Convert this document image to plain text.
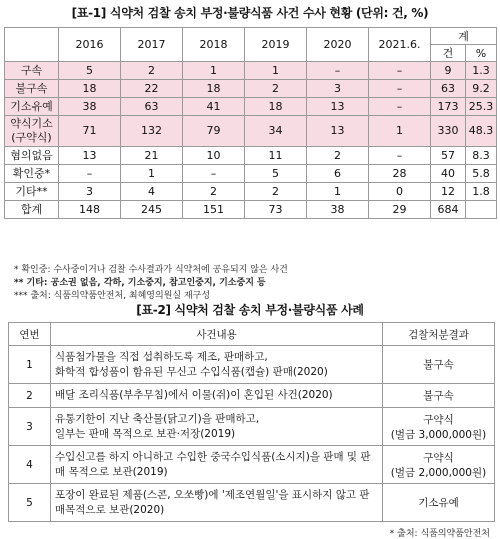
[표-1] 식약처 검찰 송치 부정·불량식품 사건 수사 현황 (단위: 건, %)
	2016	2017	2018	2019	2020	2021.6.	계	
							건	%
구속	5	2	1	1	–	–	9	1.3
불구속	18	22	18	2	3	–	63	9.2
기소유예	38	63	41	18	13	–	173	25.3
약식기소
(구약식)	71	132	79	34	13	1	330	48.3
혐의없음	13	21	10	11	2	–	57	8.3
확인중*	–	1	–	5	6	28	40	5.8
기타**	3	4	2	2	1	0	12	1.8
합계	148	245	151	73	38	29	684	
* 확인중: 수사중이거나 검찰 수사결과가 식약처에 공유되지 않은 사건
** 기타: 공소권 없음, 각하, 기소중지, 참고인중지, 기소중지 등
*** 출처: 식품의약품안전처, 최혜영의원실 재구성
[표-2] 식약처 검찰 송치 부정·불량식품 사례
연번	사건내용	검찰처분결과
1	식품첨가물을 직접 섭취하도록 제조, 판매하고,
화학적 합성품이 함유된 무신고 수입식품(캡슐) 판매(2020)	불구속
2	배달 조리식품(부추무침)에서 이물(쥐)이 혼입된 사건(2020)	불구속
3	유통기한이 지난 축산물(닭고기)을 판매하고,
일부는 판매 목적으로 보관·저장(2019)	구약식
(벌금 3,000,000원)
4	수입신고를 하지 아니하고 수입한 중국수입식품(소시지)을 판매 및 판매 목적으로 보관(2019)	구약식
(벌금 2,000,000원)
5	포장이 완료된 제품(스콘, 오쏘빵)에 '제조연월일'을 표시하지 않고 판매목적으로 보관(2020)	기소유예
* 출처: 식품의약품안전처
